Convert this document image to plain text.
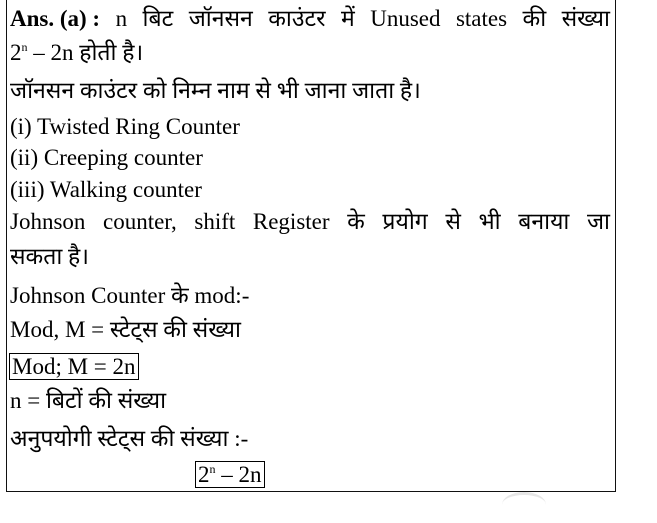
Ans. (a) : n बिट जॉनसन काउंटर में Unused states की संख्या
2$^n$ – 2n होती है।
जॉनसन काउंटर को निम्न नाम से भी जाना जाता है।
(i) Twisted Ring Counter
(ii) Creeping counter
(iii) Walking counter
Johnson counter, shift Register के प्रयोग से भी बनाया जा
सकता है।
Johnson Counter के mod:-
Mod, M = स्टेट्स की संख्या
Mod; M = 2n
n = बिटों की संख्या
अनुपयोगी स्टेट्स की संख्या :-
2$^n$ – 2n
